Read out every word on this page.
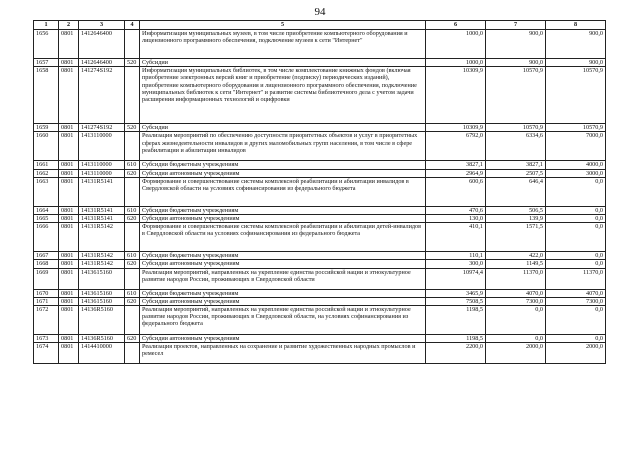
94
1	2	3	4	5	6	7	8
1656	0801	1412646400		Информатизация муниципальных музеев, в том числе приобретение компьютерного оборудования и лицензионного программного обеспечения, подключение музеев к сети "Интернет"	1000,0	900,0	900,0
1657	0801	1412646400	520	Субсидии	1000,0	900,0	900,0
1658	0801	141274S192		Информатизация муниципальных библиотек, в том числе комплектование книжных фондов (включая приобретение электронных версий книг и приобретение (подписку) периодических изданий), приобретение компьютерного оборудования и лицензионного программного обеспечения, подключение муниципальных библиотек к сети "Интернет" и развитие системы библиотечного дела с учетом задачи расширения информационных технологий и оцифровки	10309,9	10570,9	10570,9
1659	0801	141274S192	520	Субсидии	10309,9	10570,9	10570,9
1660	0801	1413110000		Реализация мероприятий по обеспечению доступности приоритетных объектов и услуг в приоритетных сферах жизнедеятельности инвалидов и других маломобильных групп населения, в том числе в сфере реабилитации и абилитации инвалидов	6792,0	6334,6	7000,0
1661	0801	1413110000	610	Субсидии бюджетным учреждениям	3827,1	3827,1	4000,0
1662	0801	1413110000	620	Субсидии автономным учреждениям	2964,9	2507,5	3000,0
1663	0801	14131R5141		Формирование и совершенствование системы комплексной реабилитации и абилитации инвалидов в Свердловской области на условиях софинансирования из федерального бюджета	600,6	646,4	0,0
1664	0801	14131R5141	610	Субсидии бюджетным учреждениям	470,6	506,5	0,0
1665	0801	14131R5141	620	Субсидии автономным учреждениям	130,0	139,9	0,0
1666	0801	14131R5142		Формирование и совершенствование системы комплексной реабилитации и абилитации детей-инвалидов в Свердловской области на условиях софинансирования из федерального бюджета	410,1	1571,5	0,0
1667	0801	14131R5142	610	Субсидии бюджетным учреждениям	110,1	422,0	0,0
1668	0801	14131R5142	620	Субсидии автономным учреждениям	300,0	1149,5	0,0
1669	0801	1413615160		Реализация мероприятий, направленных на укрепление единства российской нации и этнокультурное развитие народов России, проживающих в Свердловской области	10974,4	11370,0	11370,0
1670	0801	1413615160	610	Субсидии бюджетным учреждениям	3465,9	4070,0	4070,0
1671	0801	1413615160	620	Субсидии автономным учреждениям	7508,5	7300,0	7300,0
1672	0801	14136R5160		Реализация мероприятий, направленных на укрепление единства российской нации и этнокультурное развитие народов России, проживающих в Свердловской области, на условиях софинансирования из федерального бюджета	1198,5	0,0	0,0
1673	0801	14136R5160	620	Субсидии автономным учреждениям	1198,5	0,0	0,0
1674	0801	1414410000		Реализация проектов, направленных на сохранение и развитие художественных народных промыслов и ремесел	2200,0	2000,0	2000,0
